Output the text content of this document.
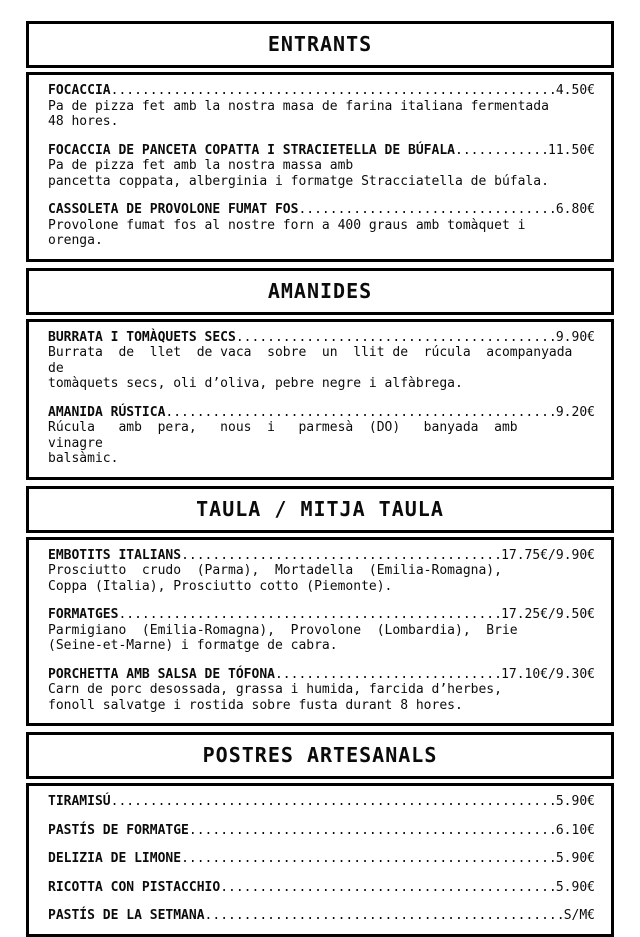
ENTRANTS
FOCACCIA .....	4.50€
Pa de pizza fet amb la nostra masa de farina italiana fermentada
48 hores.
FOCACCIA DE PANCETA COPATTA I STRACIETELLA DE BÚFALA .....	11.50€
Pa de pizza fet amb la nostra massa amb
pancetta coppata, alberginia i formatge Stracciatella de búfala.
CASSOLETA DE PROVOLONE FUMAT FOS .....	6.80€
Provolone fumat fos al nostre forn a 400 graus amb tomàquet i
orenga.
AMANIDES
BURRATA I TOMÀQUETS SECS .....	9.90€
Burrata  de  llet  de vaca  sobre  un  llit de  rúcula  acompanyada de
tomàquets secs, oli d’oliva, pebre negre i alfàbrega.
AMANIDA RÚSTICA .....	9.20€
Rúcula   amb  pera,   nous  i   parmesà  (DO)   banyada  amb   vinagre
balsàmic.
TAULA / MITJA TAULA
EMBOTITS ITALIANS .....	17.75€/9.90€
Prosciutto  crudo  (Parma),  Mortadella  (Emilia-Romagna),
Coppa (Italia), Prosciutto cotto (Piemonte).
FORMATGES .....	17.25€/9.50€
Parmigiano  (Emilia-Romagna),  Provolone  (Lombardia),  Brie
(Seine-et-Marne) i formatge de cabra.
PORCHETTA AMB SALSA DE TÓFONA .....	17.10€/9.30€
Carn de porc desossada, grassa i humida, farcida d’herbes,
fonoll salvatge i rostida sobre fusta durant 8 hores.
POSTRES ARTESANALS
TIRAMISÚ .....	5.90€
PASTÍS DE FORMATGE .....	6.10€
DELIZIA DE LIMONE .....	5.90€
RICOTTA CON PISTACCHIO .....	5.90€
PASTÍS DE LA SETMANA .....	S/M€
